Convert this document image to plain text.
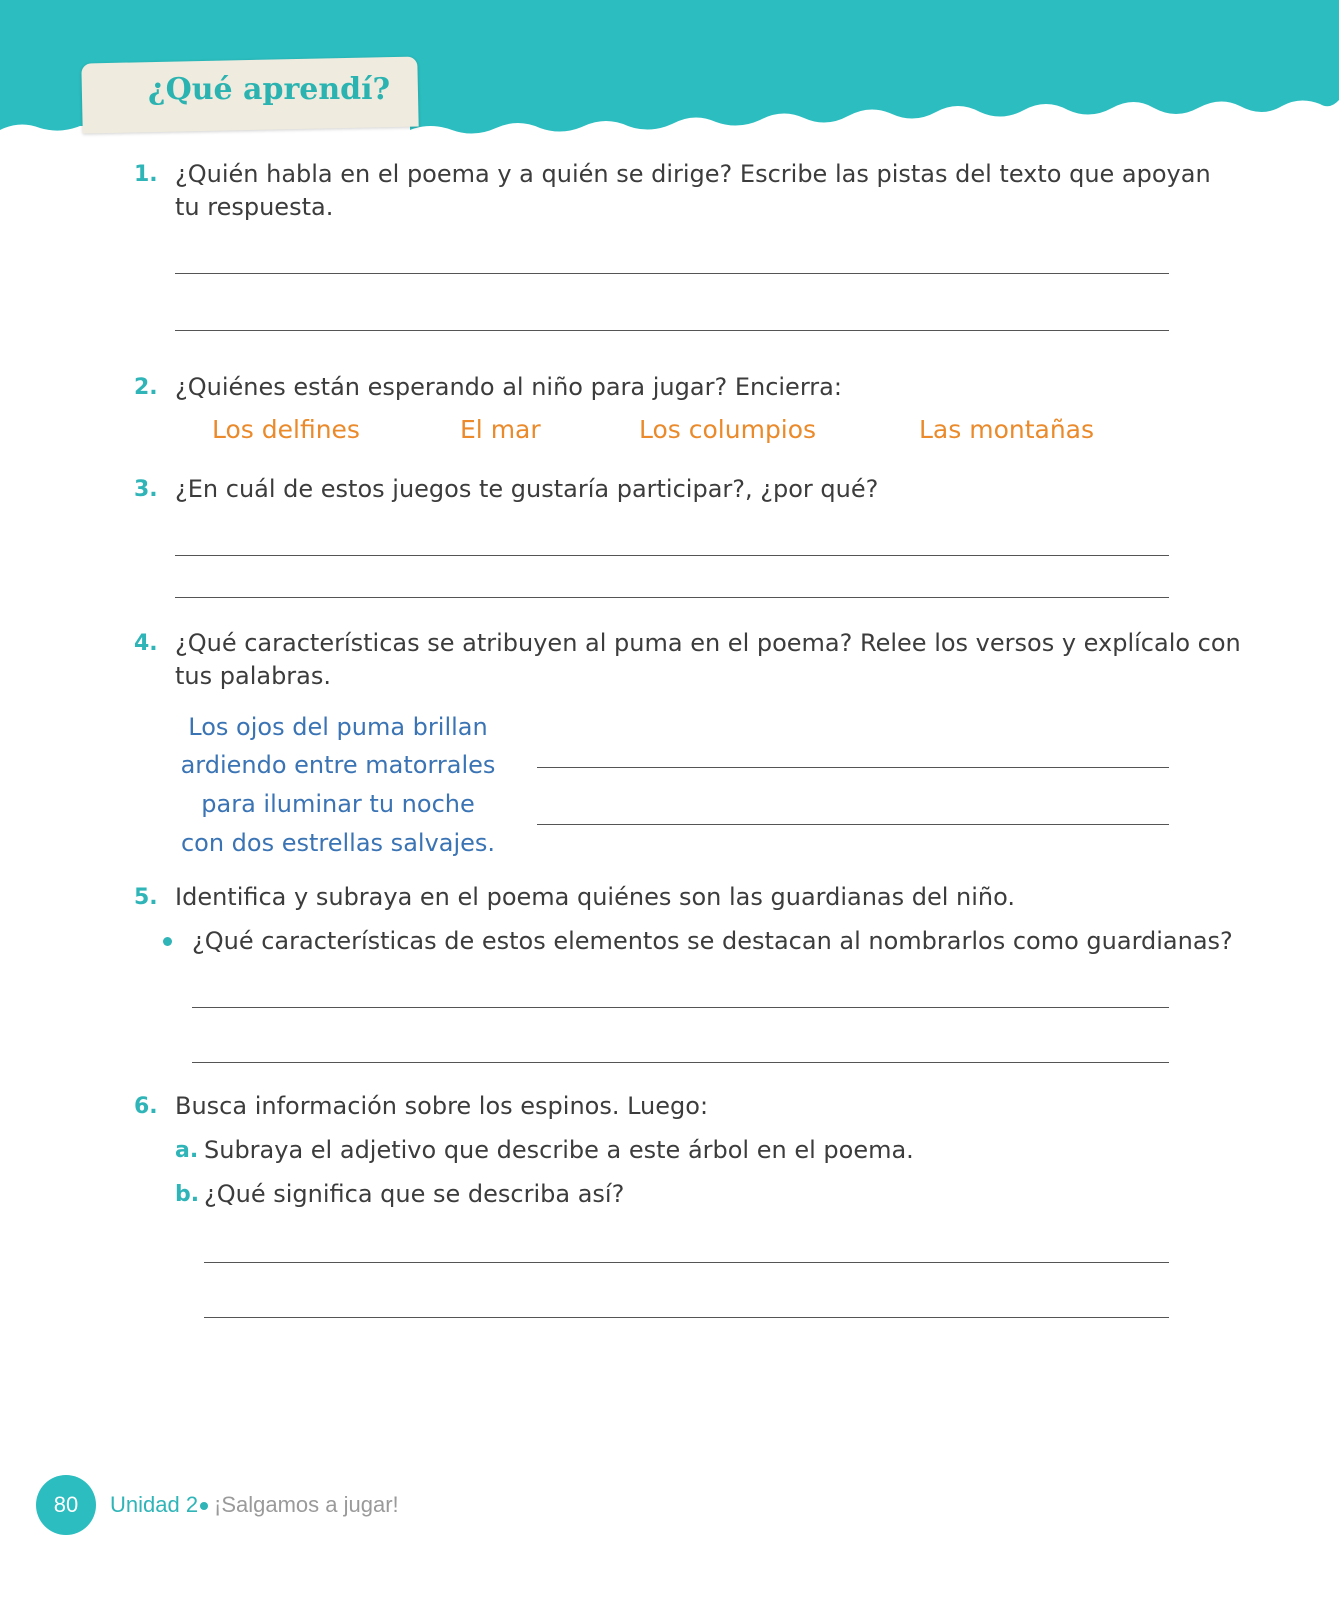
¿Qué aprendí?
1. ¿Quién habla en el poema y a quién se dirige? Escribe las pistas del texto que apoyan
tu respuesta.
2. ¿Quiénes están esperando al niño para jugar? Encierra:
Los delfines	El mar	Los columpios	Las montañas
3. ¿En cuál de estos juegos te gustaría participar?, ¿por qué?
4. ¿Qué características se atribuyen al puma en el poema? Relee los versos y explícalo con
tus palabras.
Los ojos del puma brillan
ardiendo entre matorrales
para iluminar tu noche
con dos estrellas salvajes.
5. Identifica y subraya en el poema quiénes son las guardianas del niño.
¿Qué características de estos elementos se destacan al nombrarlos como guardianas?
6. Busca información sobre los espinos. Luego:
a. Subraya el adjetivo que describe a este árbol en el poema.
b. ¿Qué significa que se describa así?
80	Unidad 2 ¡Salgamos a jugar!
